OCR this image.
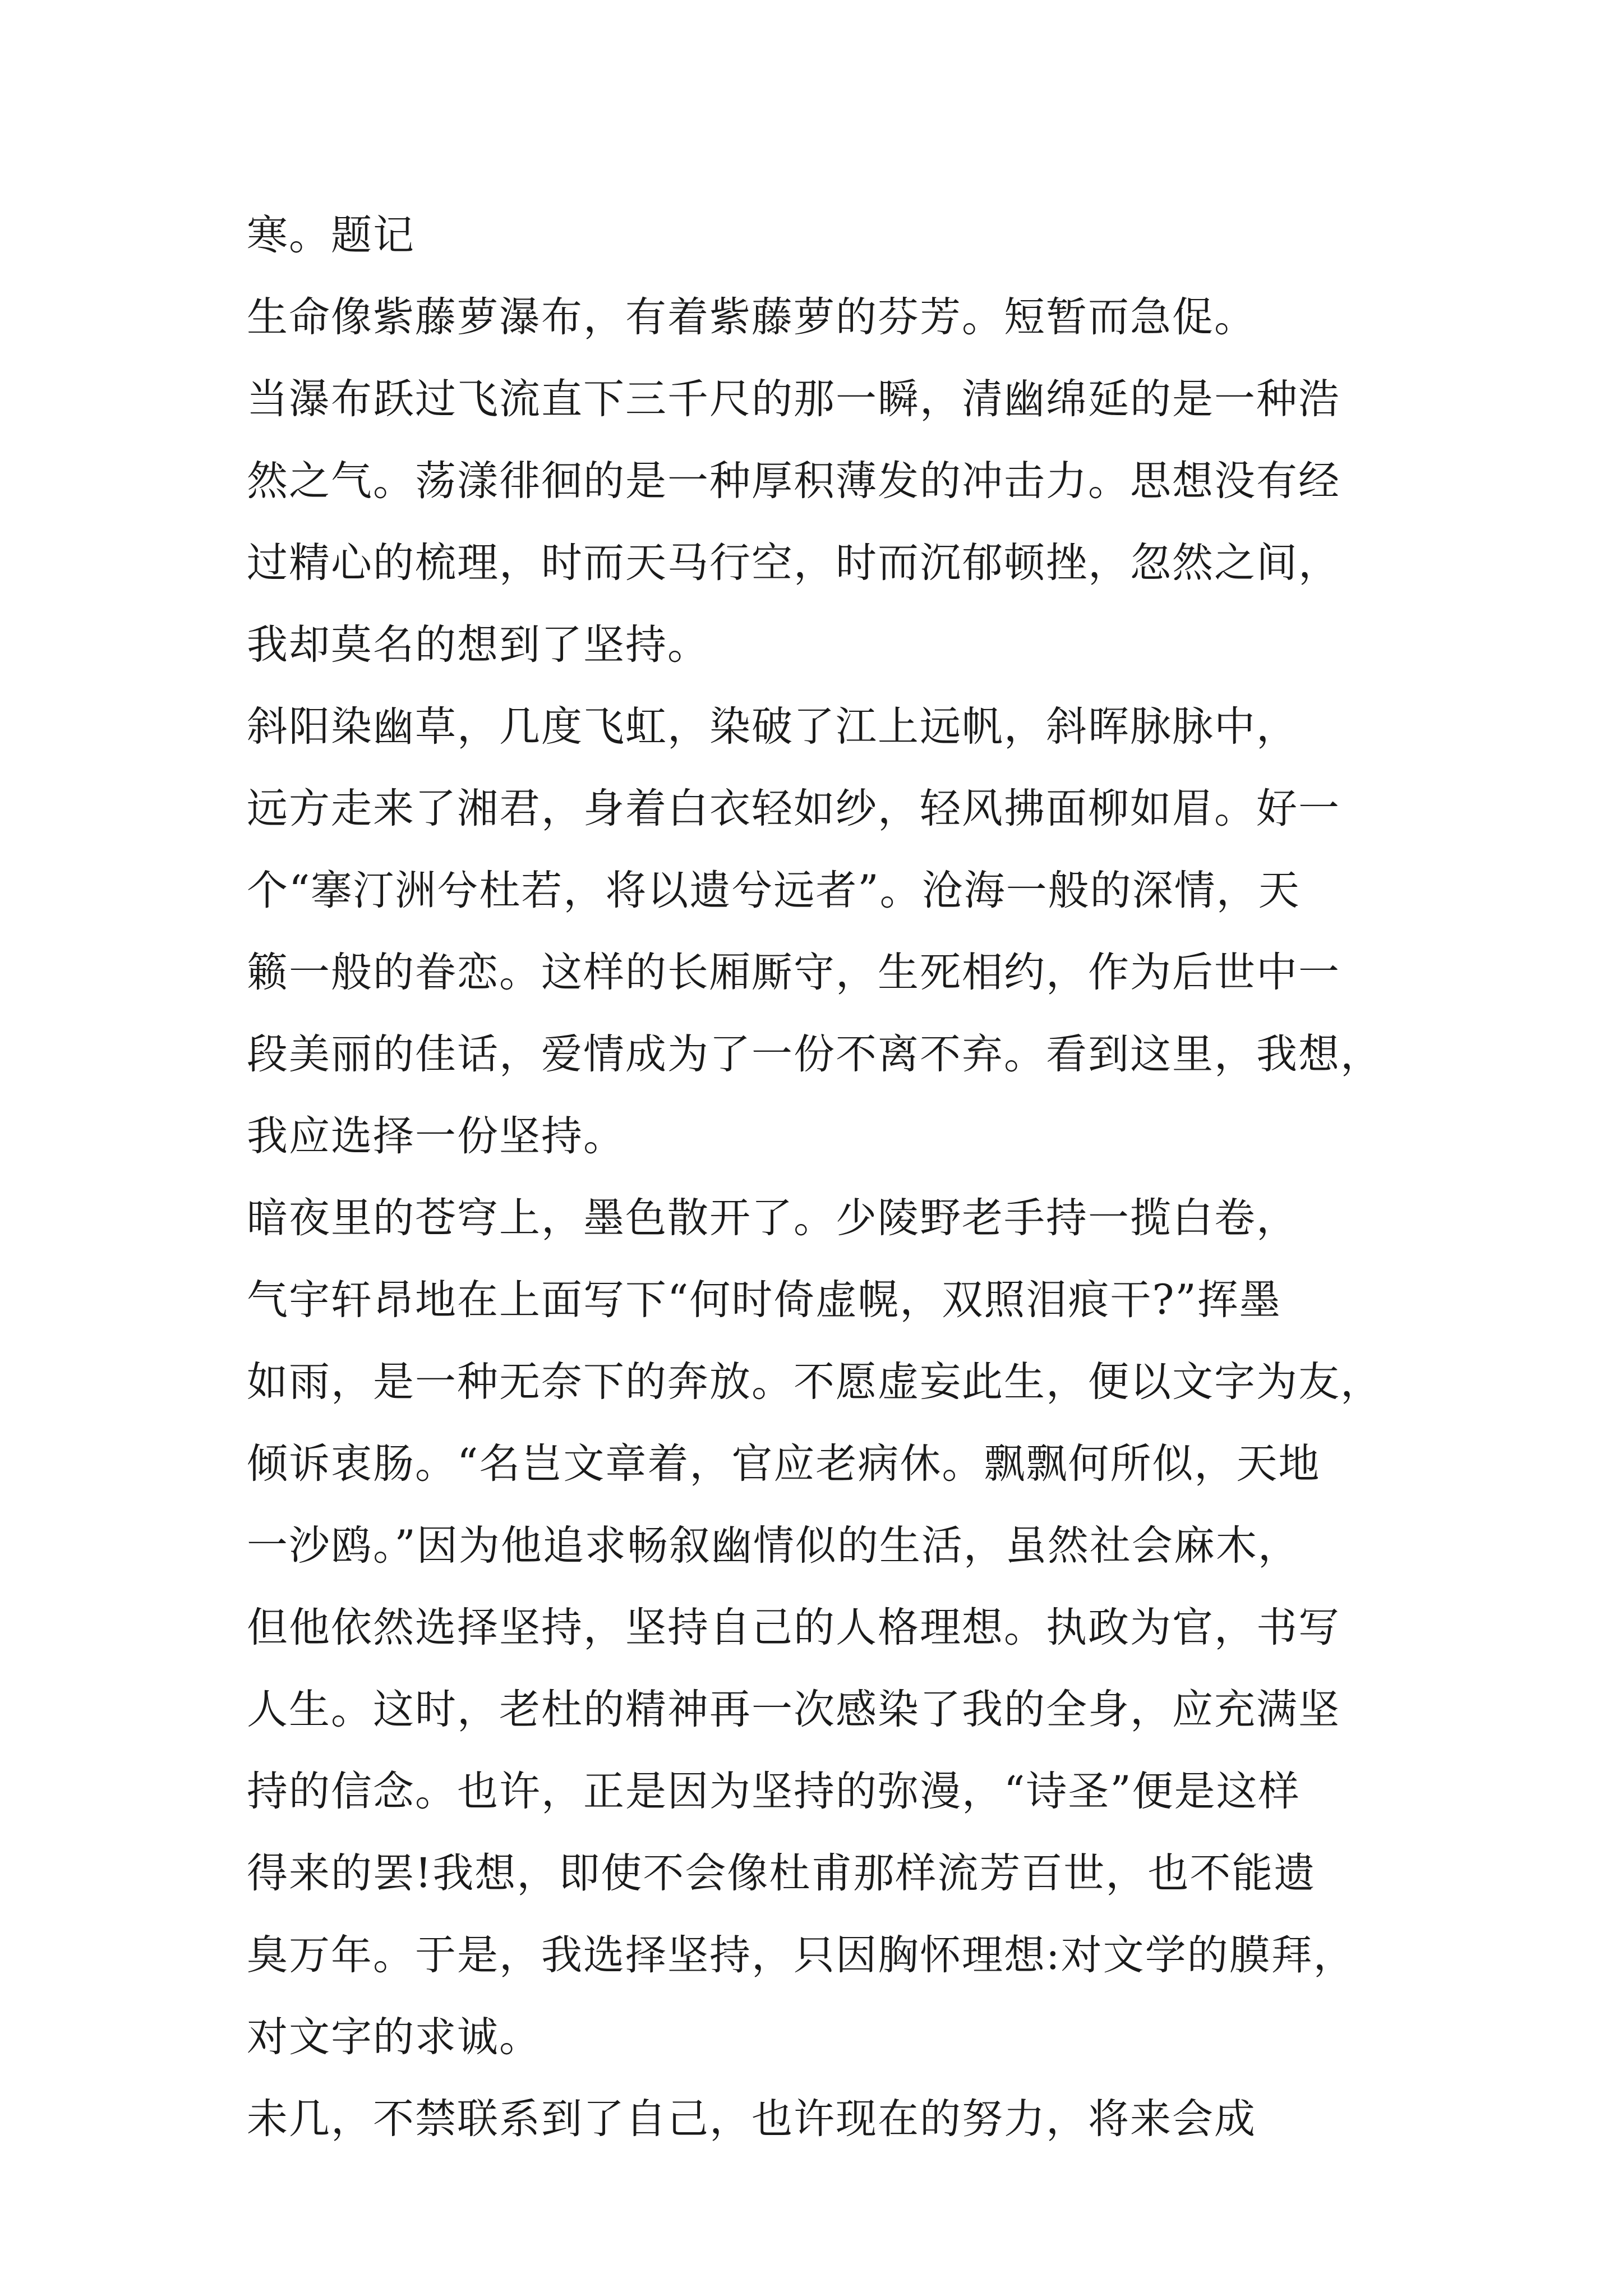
寒。题记

生命像紫藤萝瀑布，有着紫藤萝的芬芳。短暂而急促。

当瀑布跃过飞流直下三千尺的那一瞬，清幽绵延的是一种浩

然之气。荡漾徘徊的是一种厚积薄发的冲击力。思想没有经

过精心的梳理，时而天马行空，时而沉郁顿挫，忽然之间，

我却莫名的想到了坚持。

斜阳染幽草，几度飞虹，染破了江上远帆，斜晖脉脉中，

远方走来了湘君，身着白衣轻如纱，轻风拂面柳如眉。好一

个“搴汀洲兮杜若，将以遗兮远者”。沧海一般的深情，天

籁一般的眷恋。这样的长厢厮守，生死相约，作为后世中一

段美丽的佳话，爱情成为了一份不离不弃。看到这里，我想，

我应选择一份坚持。

暗夜里的苍穹上，墨色散开了。少陵野老手持一揽白卷，

气宇轩昂地在上面写下“何时倚虚幌，双照泪痕干?”挥墨

如雨，是一种无奈下的奔放。不愿虚妄此生，便以文字为友，

倾诉衷肠。“名岂文章着，官应老病休。飘飘何所似，天地

一沙鸥。”因为他追求畅叙幽情似的生活，虽然社会麻木，

但他依然选择坚持，坚持自己的人格理想。执政为官，书写

人生。这时，老杜的精神再一次感染了我的全身，应充满坚

持的信念。也许，正是因为坚持的弥漫，“诗圣”便是这样

得来的罢!我想，即使不会像杜甫那样流芳百世，也不能遗

臭万年。于是，我选择坚持，只因胸怀理想:对文学的膜拜，

对文字的求诚。

未几，不禁联系到了自己，也许现在的努力，将来会成
